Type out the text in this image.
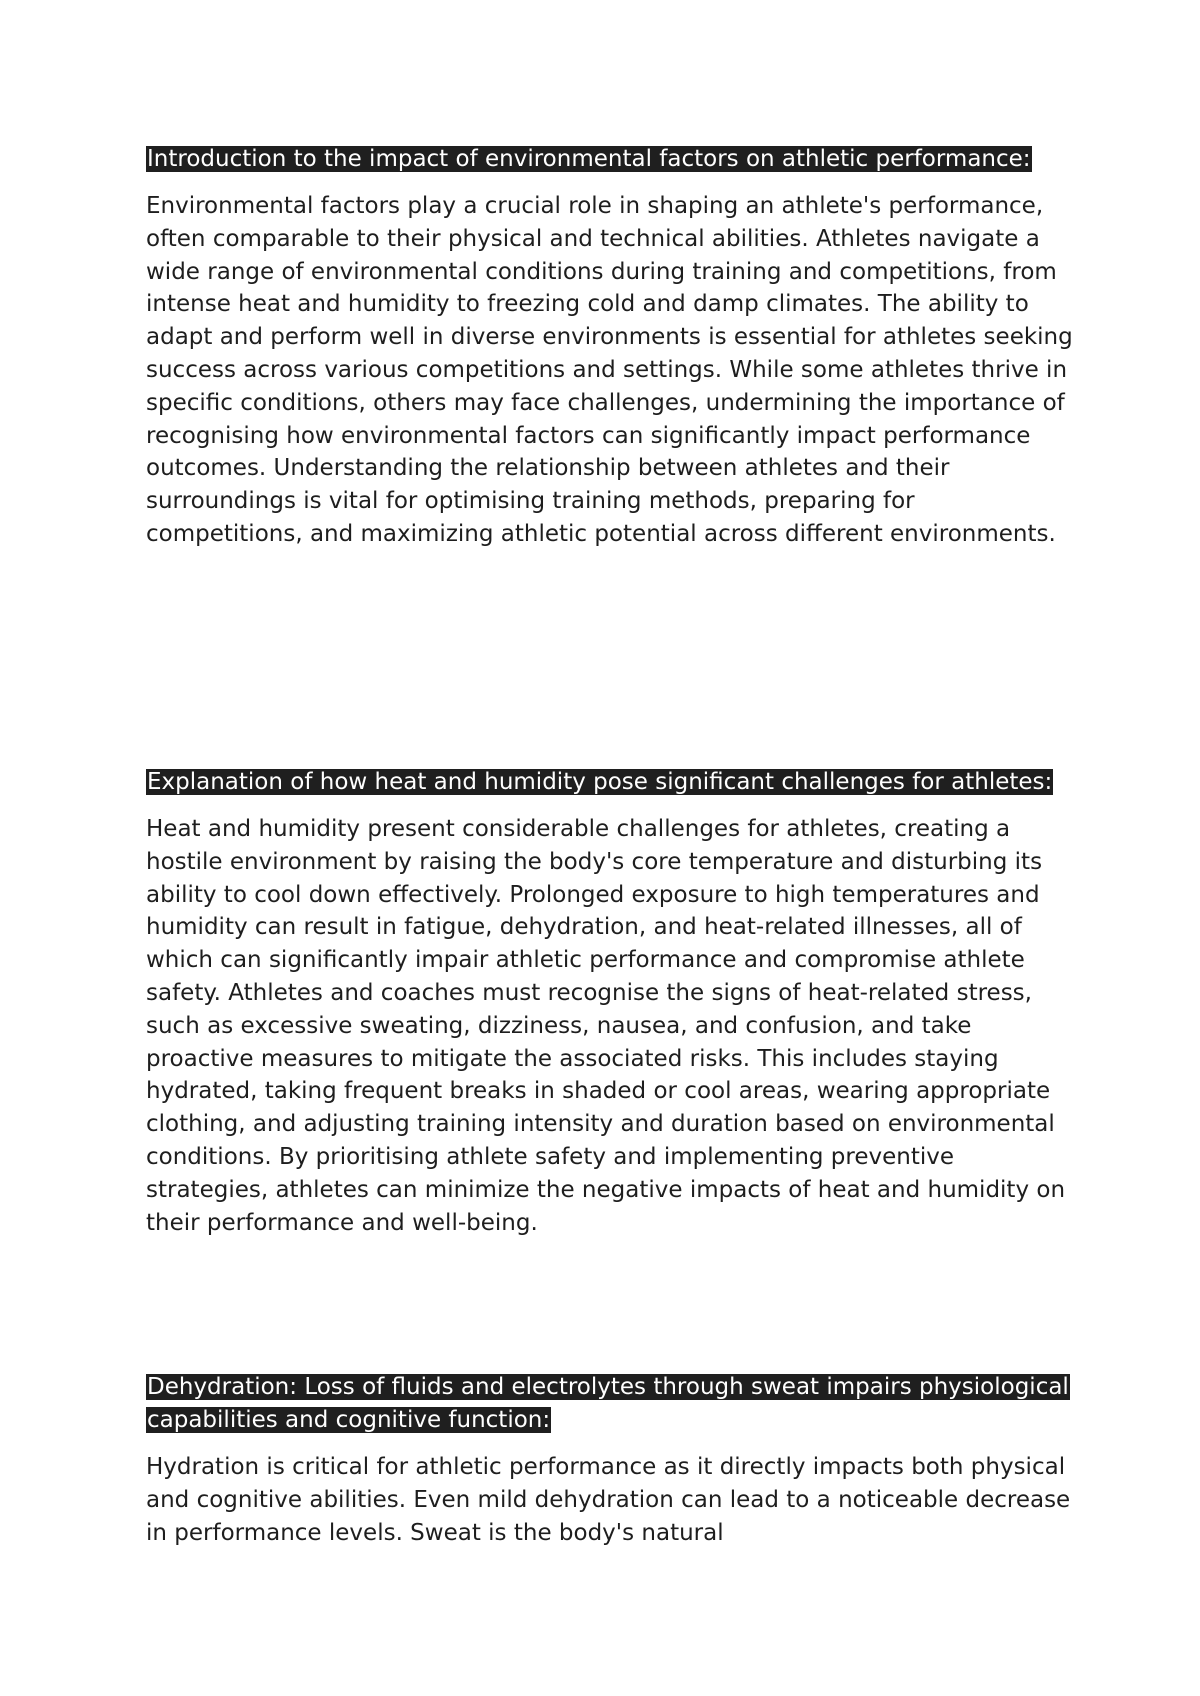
Introduction to the impact of environmental factors on athletic performance:

Environmental factors play a crucial role in shaping an athlete's performance, often comparable to their physical and technical abilities. Athletes navigate a wide range of environmental conditions during training and competitions, from intense heat and humidity to freezing cold and damp climates. The ability to adapt and perform well in diverse environments is essential for athletes seeking success across various competitions and settings. While some athletes thrive in specific conditions, others may face challenges, undermining the importance of recognising how environmental factors can significantly impact performance outcomes. Understanding the relationship between athletes and their surroundings is vital for optimising training methods, preparing for competitions, and maximizing athletic potential across different environments.

Explanation of how heat and humidity pose significant challenges for athletes:

Heat and humidity present considerable challenges for athletes, creating a hostile environment by raising the body's core temperature and disturbing its ability to cool down effectively. Prolonged exposure to high temperatures and humidity can result in fatigue, dehydration, and heat-related illnesses, all of which can significantly impair athletic performance and compromise athlete safety. Athletes and coaches must recognise the signs of heat-related stress, such as excessive sweating, dizziness, nausea, and confusion, and take proactive measures to mitigate the associated risks. This includes staying hydrated, taking frequent breaks in shaded or cool areas, wearing appropriate clothing, and adjusting training intensity and duration based on environmental conditions. By prioritising athlete safety and implementing preventive strategies, athletes can minimize the negative impacts of heat and humidity on their performance and well-being.

Dehydration: Loss of fluids and electrolytes through sweat impairs physiological capabilities and cognitive function:

Hydration is critical for athletic performance as it directly impacts both physical and cognitive abilities. Even mild dehydration can lead to a noticeable decrease in performance levels. Sweat is the body's natural
